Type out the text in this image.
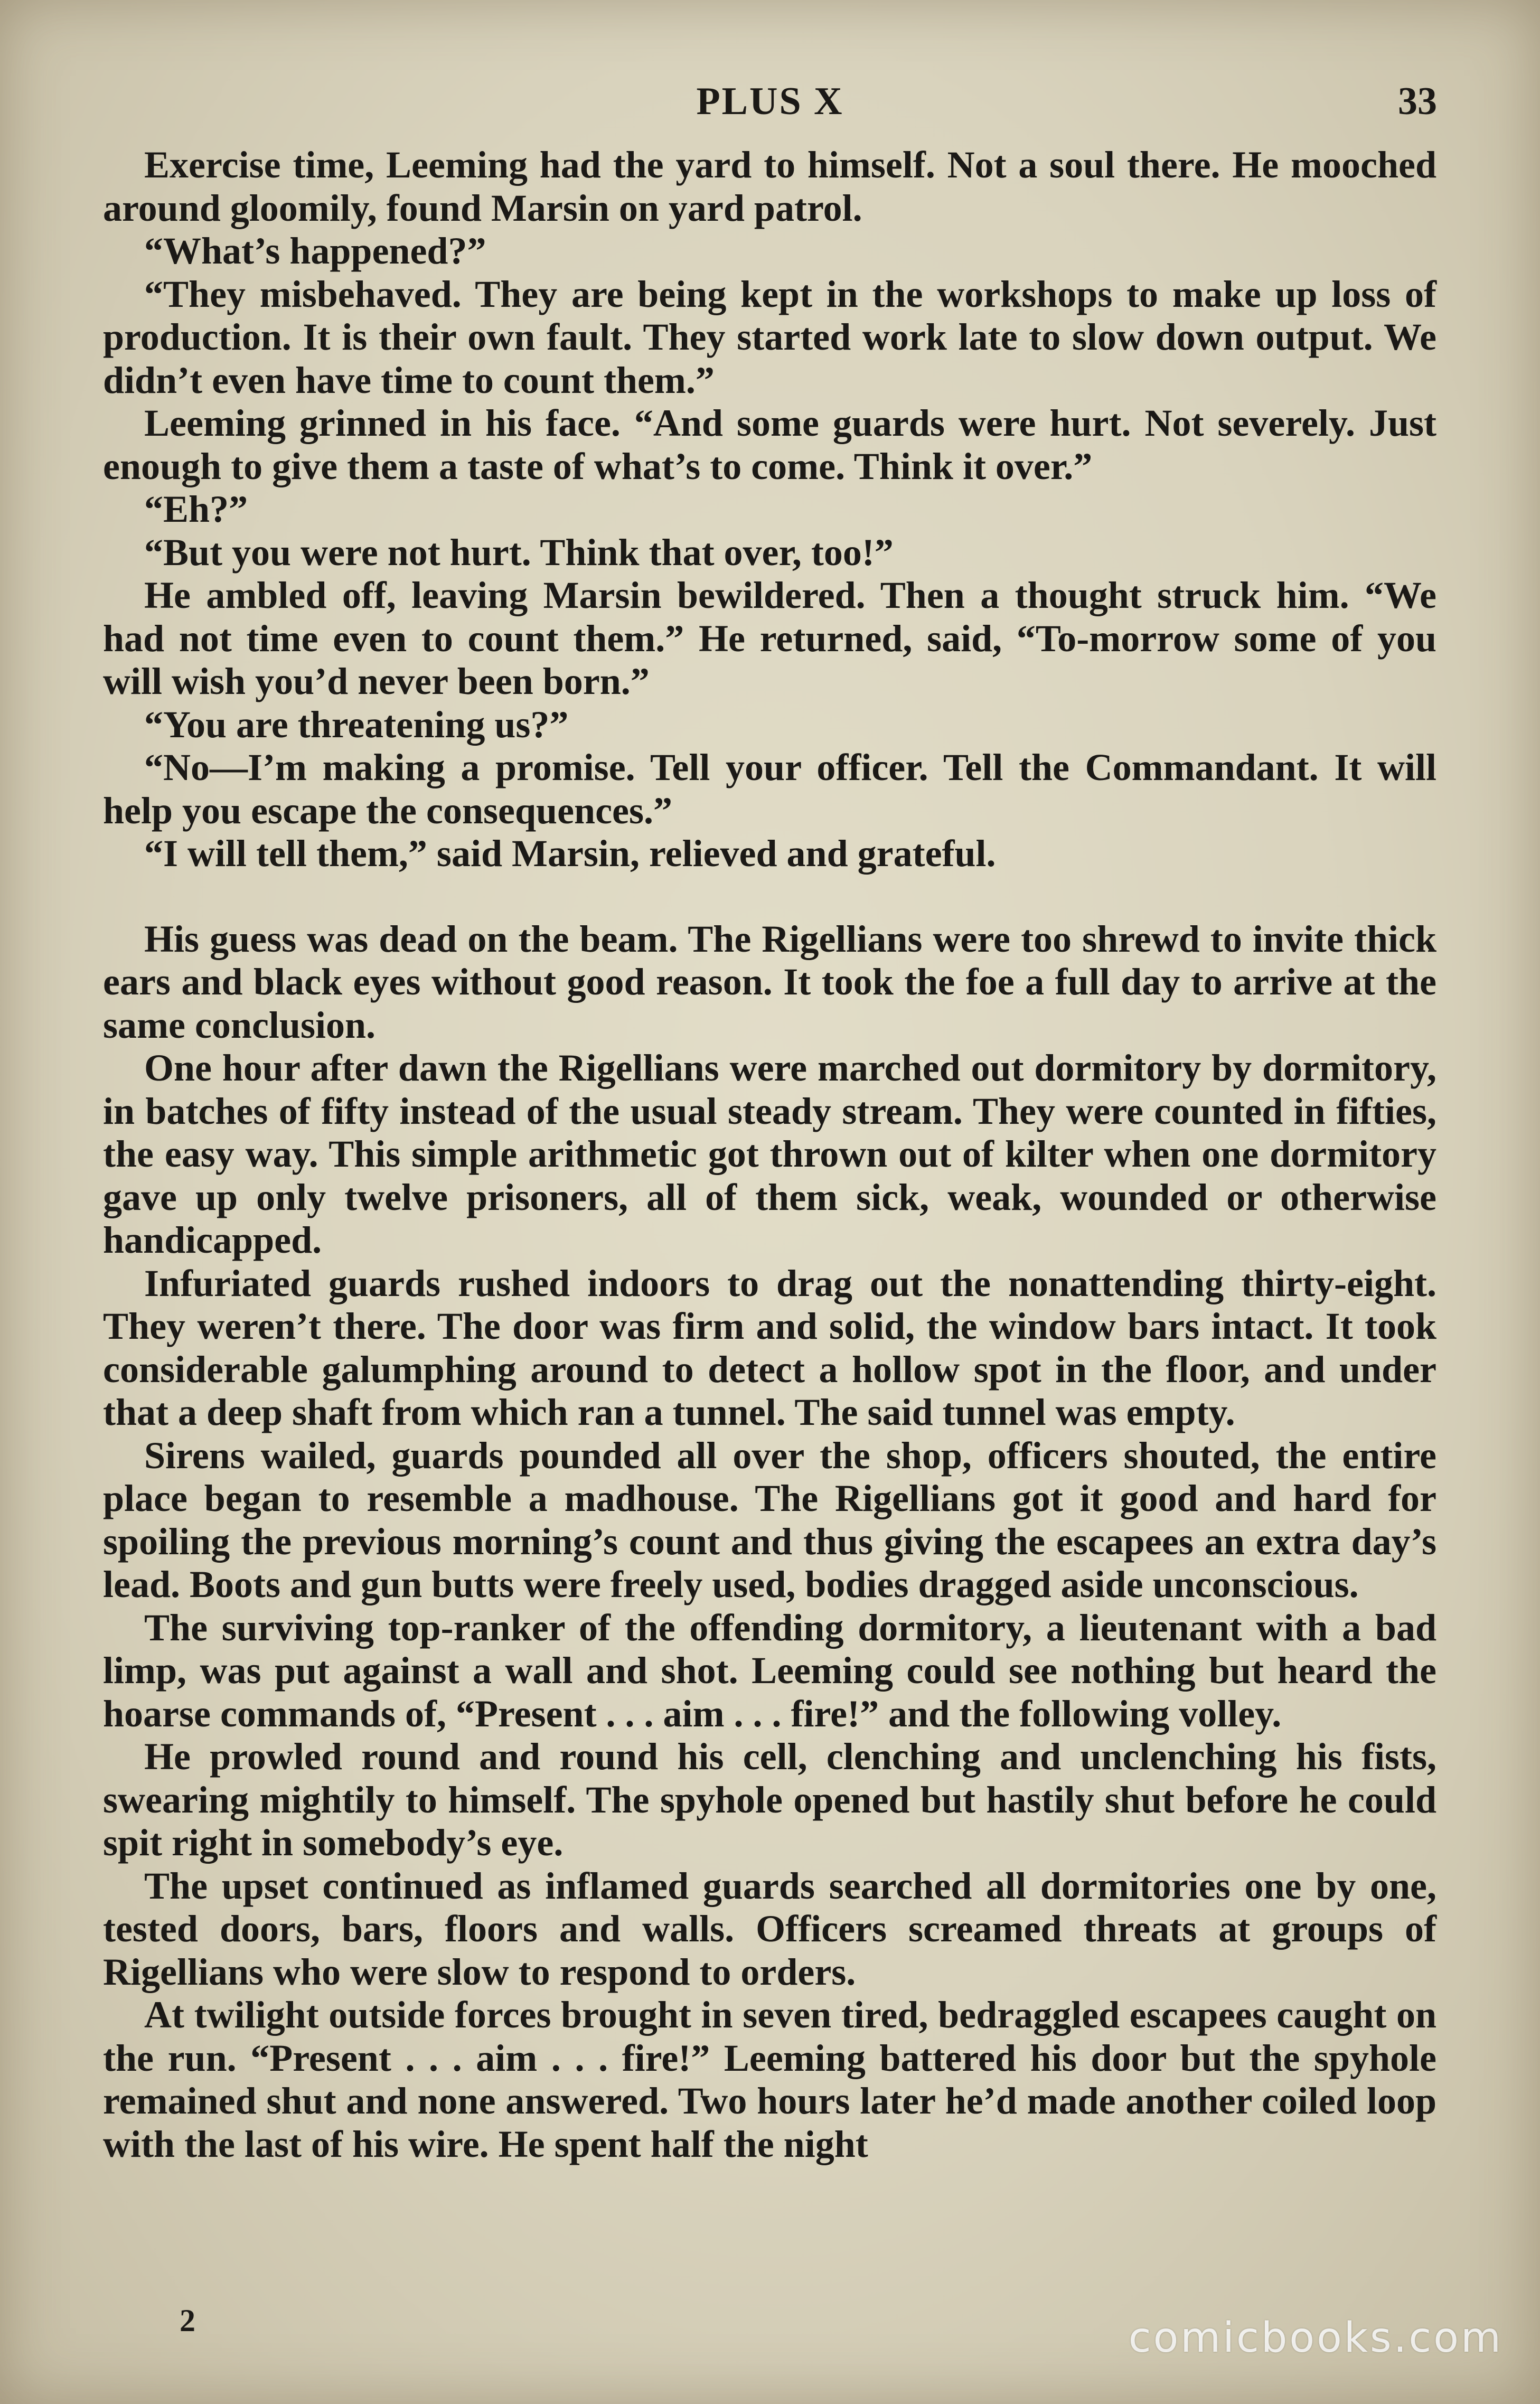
PLUS X	33

Exercise time, Leeming had the yard to himself. Not a soul there. He mooched around gloomily, found Marsin on yard patrol.

“What’s happened?”

“They misbehaved. They are being kept in the workshops to make up loss of production. It is their own fault. They started work late to slow down output. We didn’t even have time to count them.”

Leeming grinned in his face. “And some guards were hurt. Not severely. Just enough to give them a taste of what’s to come. Think it over.”

“Eh?”

“But you were not hurt. Think that over, too!”

He ambled off, leaving Marsin bewildered. Then a thought struck him. “We had not time even to count them.” He returned, said, “To-morrow some of you will wish you’d never been born.”

“You are threatening us?”

“No—I’m making a promise. Tell your officer. Tell the Commandant. It will help you escape the consequences.”

“I will tell them,” said Marsin, relieved and grateful.

His guess was dead on the beam. The Rigellians were too shrewd to invite thick ears and black eyes without good reason. It took the foe a full day to arrive at the same conclusion.

One hour after dawn the Rigellians were marched out dormitory by dormitory, in batches of fifty instead of the usual steady stream. They were counted in fifties, the easy way. This simple arithmetic got thrown out of kilter when one dormitory gave up only twelve prisoners, all of them sick, weak, wounded or otherwise handicapped.

Infuriated guards rushed indoors to drag out the nonattending thirty-eight. They weren’t there. The door was firm and solid, the window bars intact. It took considerable galumphing around to detect a hollow spot in the floor, and under that a deep shaft from which ran a tunnel. The said tunnel was empty.

Sirens wailed, guards pounded all over the shop, officers shouted, the entire place began to resemble a madhouse. The Rigellians got it good and hard for spoiling the previous morning’s count and thus giving the escapees an extra day’s lead. Boots and gun butts were freely used, bodies dragged aside unconscious.

The surviving top-ranker of the offending dormitory, a lieutenant with a bad limp, was put against a wall and shot. Leeming could see nothing but heard the hoarse commands of, “Present . . . aim . . . fire!” and the following volley.

He prowled round and round his cell, clenching and unclenching his fists, swearing mightily to himself. The spyhole opened but hastily shut before he could spit right in somebody’s eye.

The upset continued as inflamed guards searched all dormitories one by one, tested doors, bars, floors and walls. Officers screamed threats at groups of Rigellians who were slow to respond to orders.

At twilight outside forces brought in seven tired, bedraggled escapees caught on the run. “Present . . . aim . . . fire!” Leeming battered his door but the spyhole remained shut and none answered. Two hours later he’d made another coiled loop with the last of his wire. He spent half the night

2	comicbooks.com
